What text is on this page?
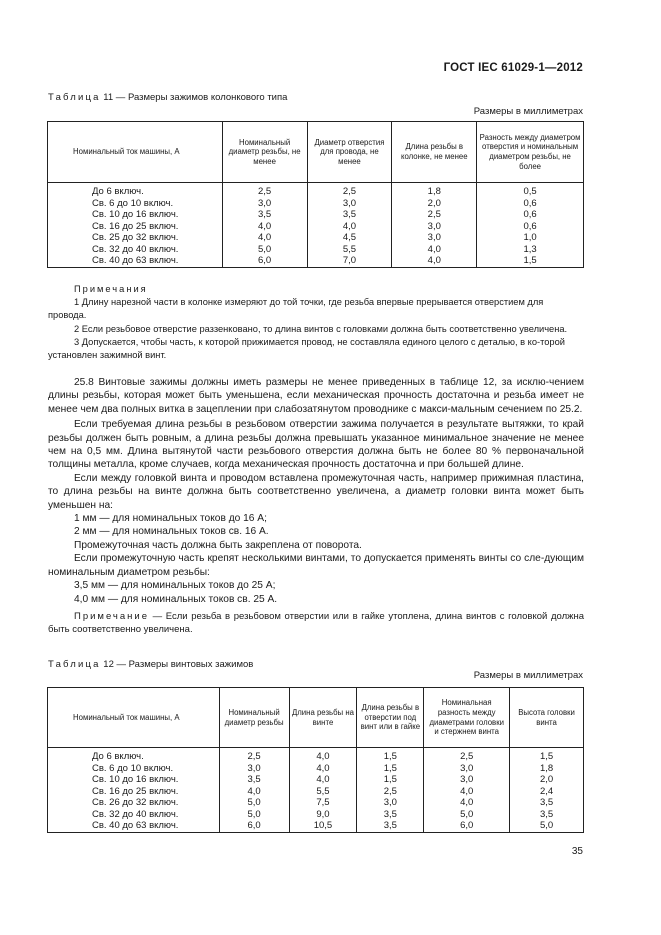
ГОСТ IEC 61029-1—2012
Таблица 11 — Размеры зажимов колонкового типа
Размеры в миллиметрах
Номинальный ток машины, А	Номинальный диаметр резьбы, не менее	Диаметр отверстия для провода, не менее	Длина резьбы в колонке, не менее	Разность между диаметром отверстия и номинальным диаметром резьбы, не более
До 6 включ.	2,5	2,5	1,8	0,5
Св. 6 до 10 включ.	3,0	3,0	2,0	0,6
Св. 10 до 16 включ.	3,5	3,5	2,5	0,6
Св. 16 до 25 включ.	4,0	4,0	3,0	0,6
Св. 25 до 32 включ.	4,0	4,5	3,0	1,0
Св. 32 до 40 включ.	5,0	5,5	4,0	1,3
Св. 40 до 63 включ.	6,0	7,0	4,0	1,5

Примечания

1 Длину нарезной части в колонке измеряют до той точки, где резьба впервые прерывается отверстием для провода.

2 Если резьбовое отверстие раззенковано, то длина винтов с головками должна быть соответственно увеличена.

3 Допускается, чтобы часть, к которой прижимается провод, не составляла единого целого с деталью, в ко-торой установлен зажимной винт.

25.8 Винтовые зажимы должны иметь размеры не менее приведенных в таблице 12, за исклю-чением длины резьбы, которая может быть уменьшена, если механическая прочность достаточна и резьба имеет не менее чем два полных витка в зацеплении при слабозатянутом проводнике с макси-мальным сечением по 25.2.

Если требуемая длина резьбы в резьбовом отверстии зажима получается в результате вытяжки, то край резьбы должен быть ровным, а длина резьбы должна превышать указанное минимальное значение не менее чем на 0,5 мм. Длина вытянутой части резьбового отверстия должна быть не более 80 % первоначальной толщины металла, кроме случаев, когда механическая прочность достаточна и при большей длине.

Если между головкой винта и проводом вставлена промежуточная часть, например прижимная пластина, то длина резьбы на винте должна быть соответственно увеличена, а диаметр головки винта может быть уменьшен на:

1 мм — для номинальных токов до 16 А;

2 мм — для номинальных токов св. 16 А.

Промежуточная часть должна быть закреплена от поворота.

Если промежуточную часть крепят несколькими винтами, то допускается применять винты со сле-дующим номинальным диаметром резьбы:

3,5 мм — для номинальных токов до 25 А;

4,0 мм — для номинальных токов св. 25 А.

Примечание — Если резьба в резьбовом отверстии или в гайке утоплена, длина винтов с головкой должна быть соответственно увеличена.

Таблица 12 — Размеры винтовых зажимов
Размеры в миллиметрах
Номинальный ток машины, А	Номинальный диаметр резьбы	Длина резьбы на винте	Длина резьбы в отверстии под винт или в гайке	Номинальная разность между диаметрами головки и стержнем винта	Высота головки винта
До 6 включ.	2,5	4,0	1,5	2,5	1,5
Св. 6 до 10 включ.	3,0	4,0	1,5	3,0	1,8
Св. 10 до 16 включ.	3,5	4,0	1,5	3,0	2,0
Св. 16 до 25 включ.	4,0	5,5	2,5	4,0	2,4
Св. 26 до 32 включ.	5,0	7,5	3,0	4,0	3,5
Св. 32 до 40 включ.	5,0	9,0	3,5	5,0	3,5
Св. 40 до 63 включ.	6,0	10,5	3,5	6,0	5,0
35
